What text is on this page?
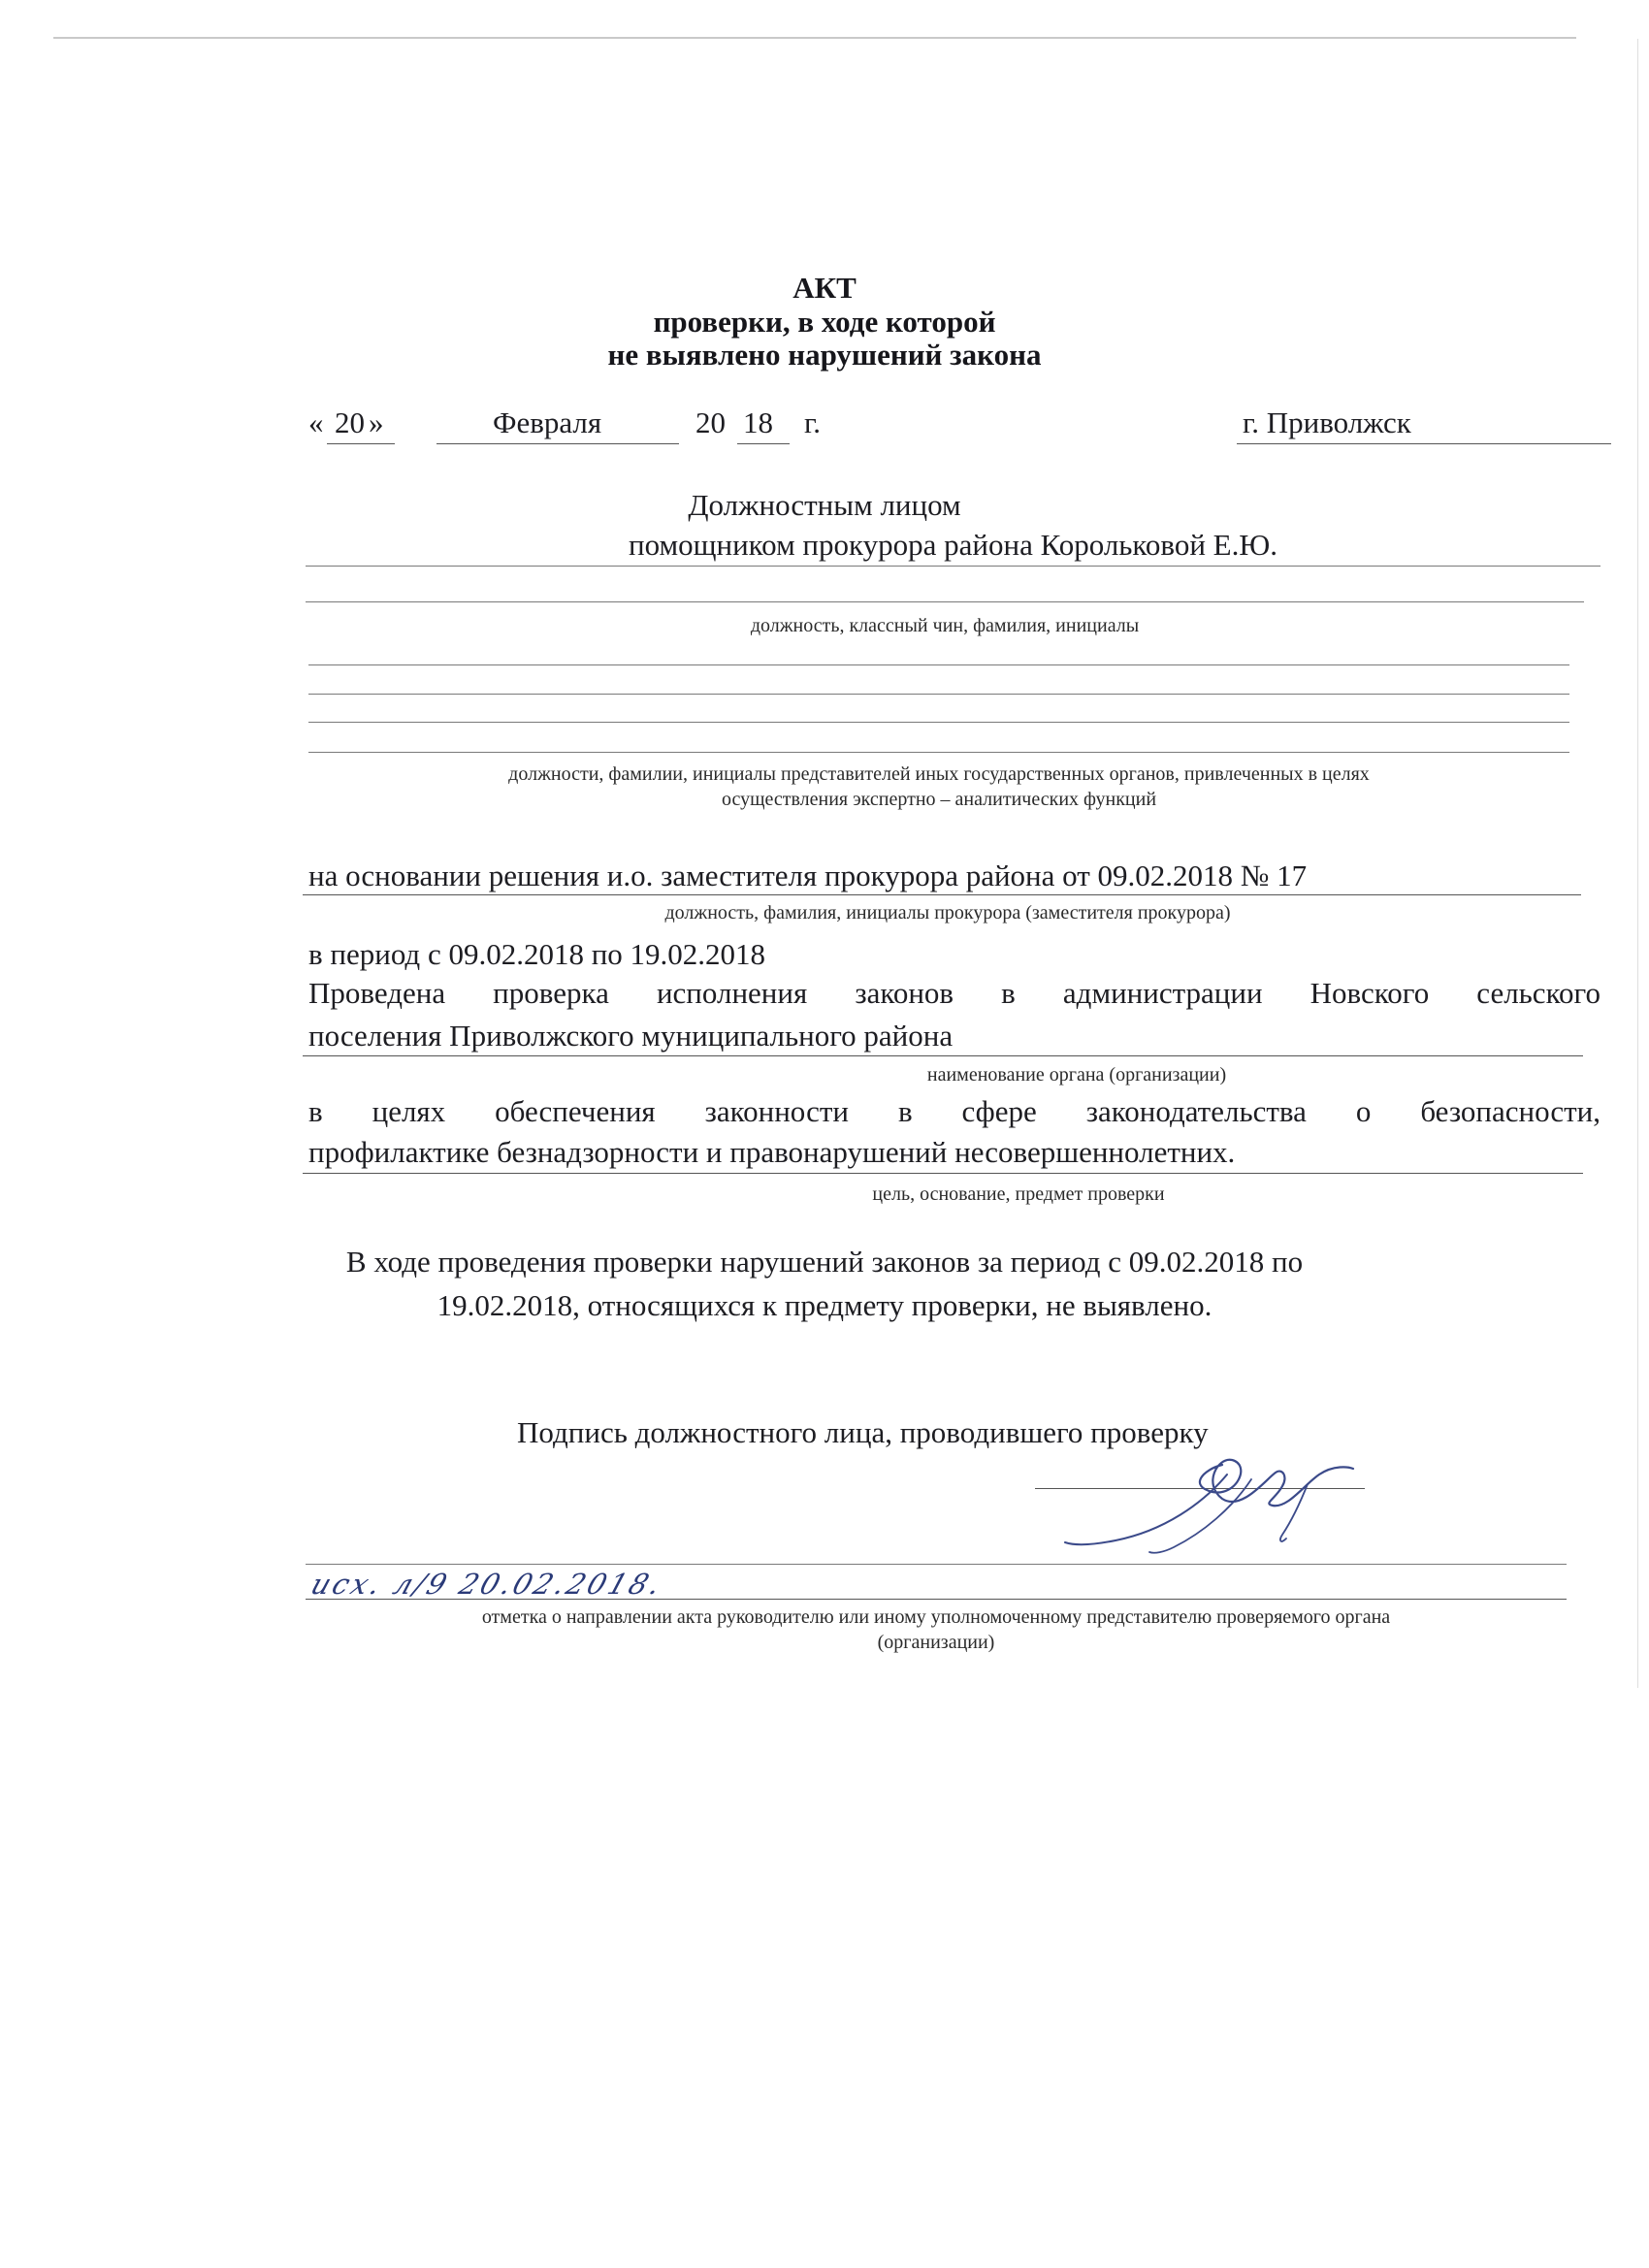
АКТ
проверки, в ходе которой
не выявлено нарушений закона
« 20 »	Февраля	20 18 г.	г. Приволжск
Должностным лицом
помощником прокурора района Корольковой Е.Ю.
должность, классный чин, фамилия, инициалы
должности, фамилии, инициалы представителей иных государственных органов, привлеченных в целях
осуществления экспертно – аналитических функций
на основании решения и.о. заместителя прокурора района от 09.02.2018 № 17
должность, фамилия, инициалы прокурора (заместителя прокурора)
в период с 09.02.2018 по 19.02.2018
Проведена проверка исполнения законов в администрации Новского сельского
поселения Приволжского муниципального района
наименование органа (организации)
в целях обеспечения законности в сфере законодательства о безопасности,
профилактике безнадзорности и правонарушений несовершеннолетних.
цель, основание, предмет проверки
В ходе проведения проверки нарушений законов за период с 09.02.2018 по
19.02.2018, относящихся к предмету проверки, не выявлено.
Подпись должностного лица, проводившего проверку
исх. л/9 20.02.2018.
отметка о направлении акта руководителю или иному уполномоченному представителю проверяемого органа
(организации)
